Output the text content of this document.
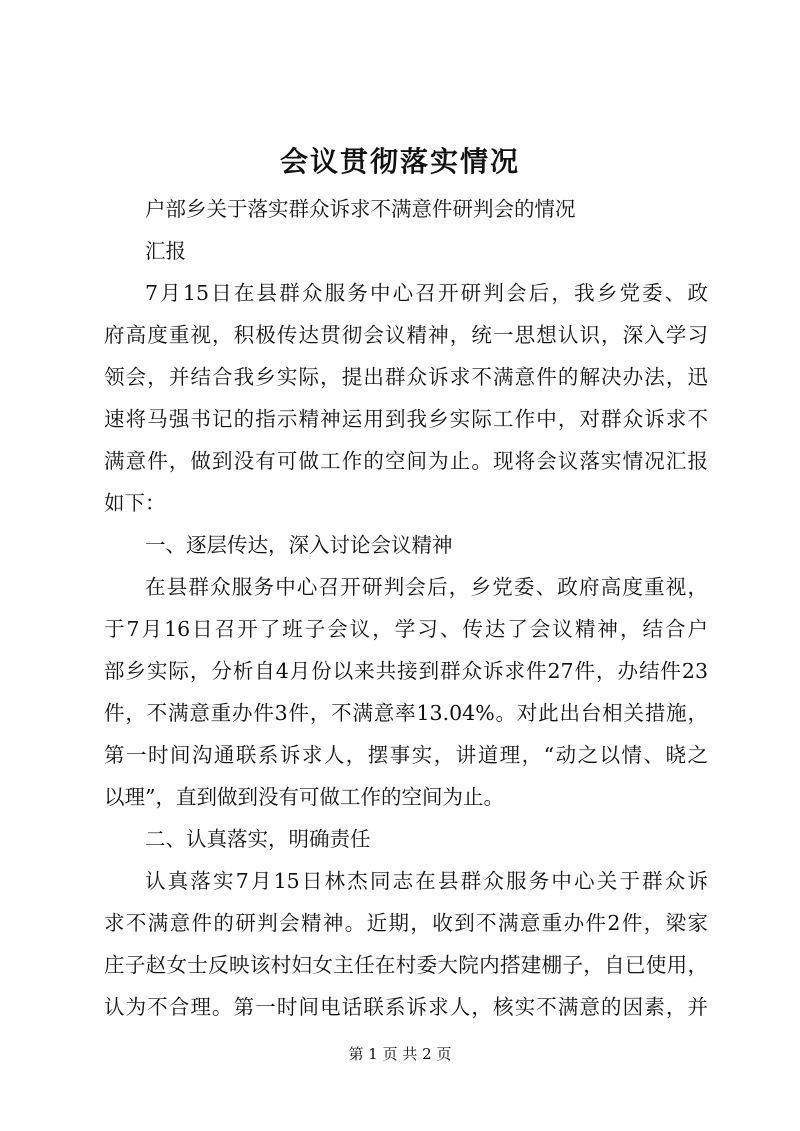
会议贯彻落实情况
户部乡关于落实群众诉求不满意件研判会的情况
汇报
7月15日在县群众服务中心召开研判会后，我乡党委、政
府高度重视，积极传达贯彻会议精神，统一思想认识，深入学习
领会，并结合我乡实际，提出群众诉求不满意件的解决办法，迅
速将马强书记的指示精神运用到我乡实际工作中，对群众诉求不
满意件，做到没有可做工作的空间为止。现将会议落实情况汇报
如下：
一、逐层传达，深入讨论会议精神
在县群众服务中心召开研判会后，乡党委、政府高度重视，
于7月16日召开了班子会议，学习、传达了会议精神，结合户
部乡实际，分析自4月份以来共接到群众诉求件27件，办结件23
件，不满意重办件3件，不满意率13.04%。对此出台相关措施，
第一时间沟通联系诉求人，摆事实，讲道理，“动之以情、晓之
以理”，直到做到没有可做工作的空间为止。
二、认真落实，明确责任
认真落实7月15日林杰同志在县群众服务中心关于群众诉
求不满意件的研判会精神。近期，收到不满意重办件2件，梁家
庄子赵女士反映该村妇女主任在村委大院内搭建棚子，自已使用，
认为不合理。第一时间电话联系诉求人，核实不满意的因素，并
第 1 页 共 2 页
